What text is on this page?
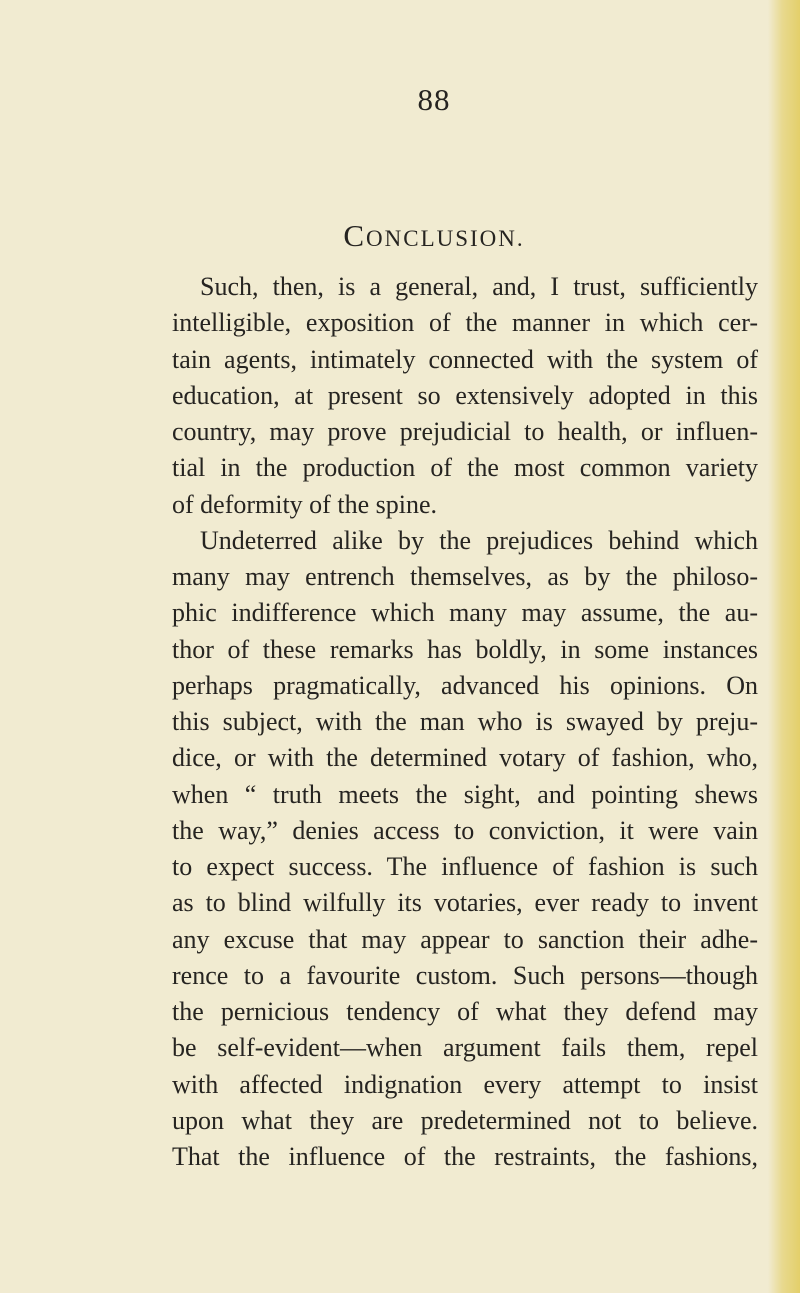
88
CONCLUSION.
Such, then, is a general, and, I trust, sufficiently
intelligible, exposition of the manner in which cer-
tain agents, intimately connected with the system of
education, at present so extensively adopted in this
country, may prove prejudicial to health, or influen-
tial in the production of the most common variety
of deformity of the spine.
Undeterred alike by the prejudices behind which
many may entrench themselves, as by the philoso-
phic indifference which many may assume, the au-
thor of these remarks has boldly, in some instances
perhaps pragmatically, advanced his opinions. On
this subject, with the man who is swayed by preju-
dice, or with the determined votary of fashion, who,
when “ truth meets the sight, and pointing shews
the way,” denies access to conviction, it were vain
to expect success. The influence of fashion is such
as to blind wilfully its votaries, ever ready to invent
any excuse that may appear to sanction their adhe-
rence to a favourite custom. Such persons—though
the pernicious tendency of what they defend may
be self-evident—when argument fails them, repel
with affected indignation every attempt to insist
upon what they are predetermined not to believe.
That the influence of the restraints, the fashions,
